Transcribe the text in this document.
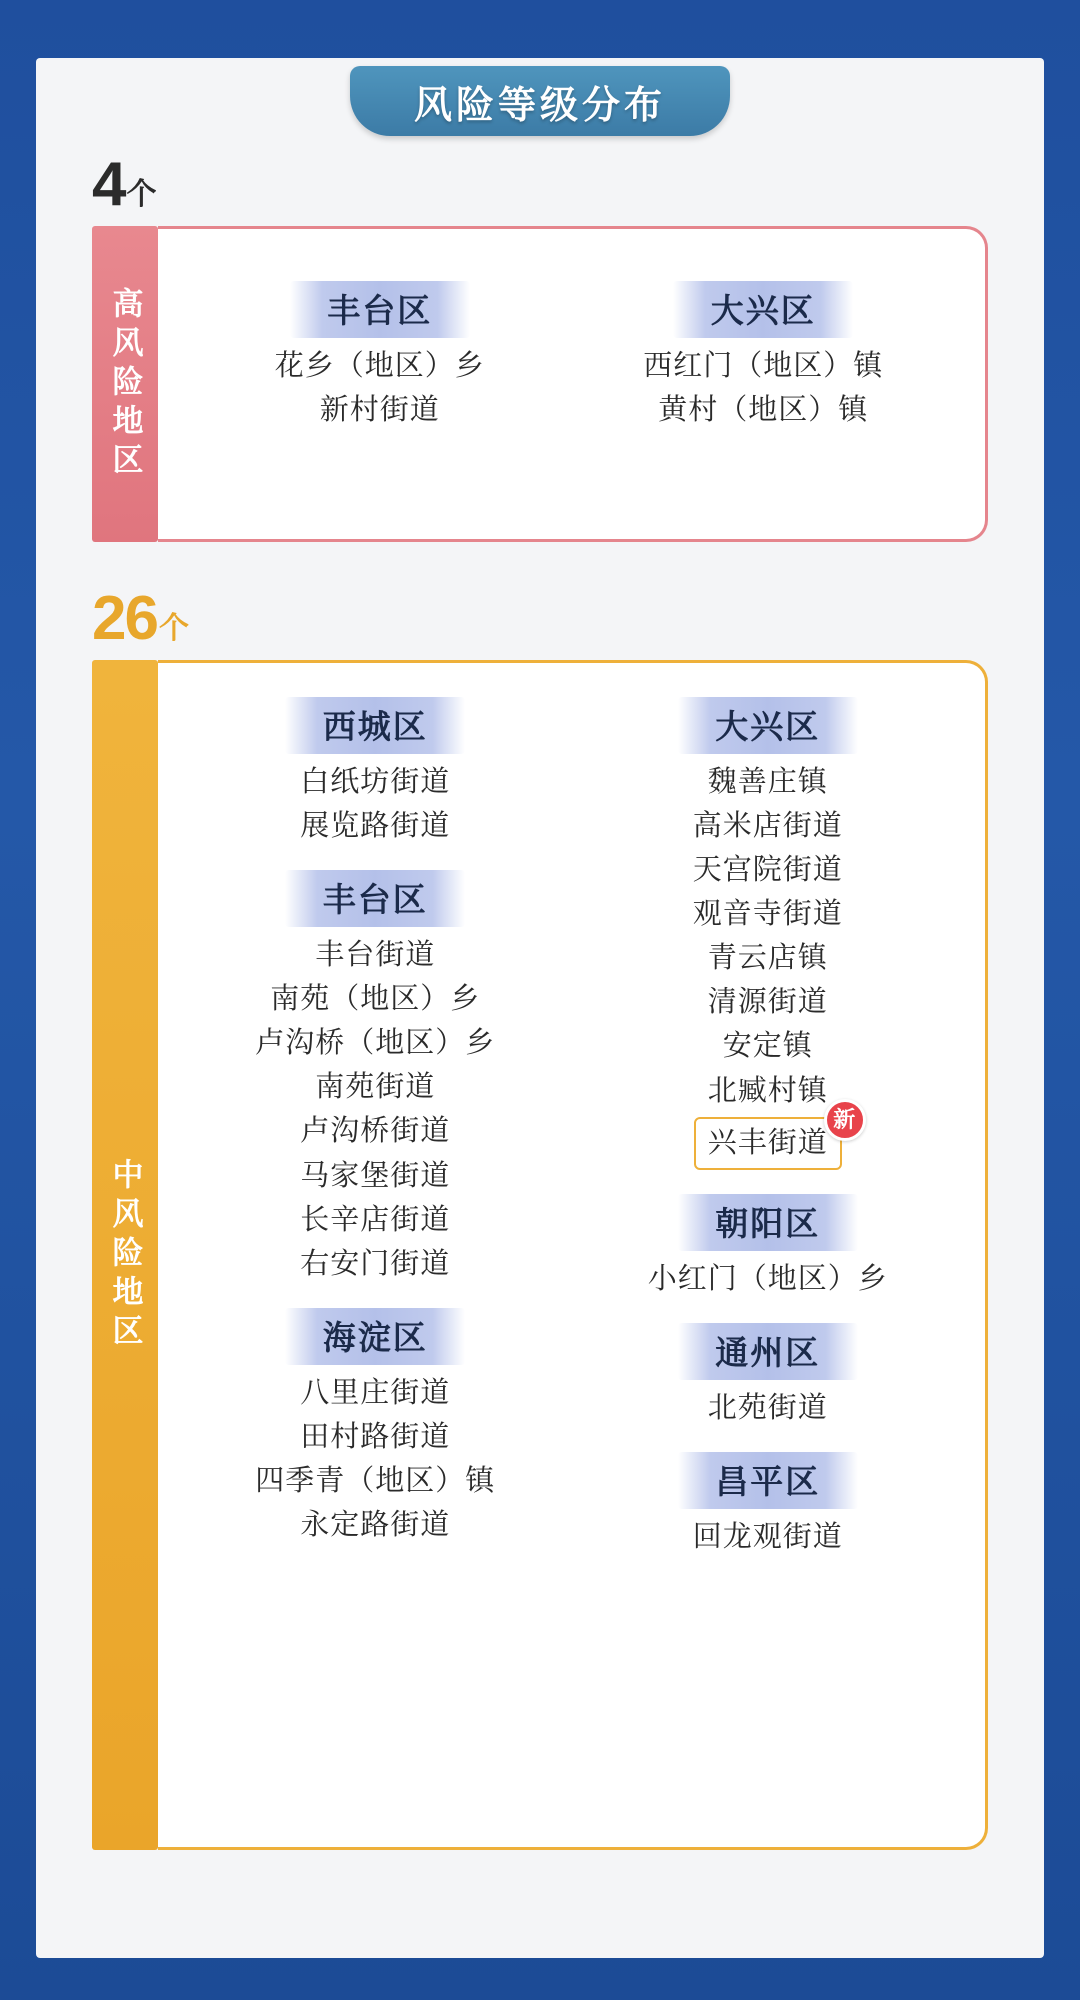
风险等级分布
4 个
高风险地区	丰台区
花乡（地区）乡
新村街道
大兴区
西红门（地区）镇
黄村（地区）镇
26 个
中风险地区
西城区
白纸坊街道
展览路街道
丰台区
丰台街道
南苑（地区）乡
卢沟桥（地区）乡
南苑街道
卢沟桥街道
马家堡街道
长辛店街道
右安门街道
海淀区
八里庄街道
田村路街道
四季青（地区）镇
永定路街道
大兴区
魏善庄镇
高米店街道
天宫院街道
观音寺街道
青云店镇
清源街道
安定镇
北臧村镇
兴丰街道
新
朝阳区
小红门（地区）乡
通州区
北苑街道
昌平区
回龙观街道
